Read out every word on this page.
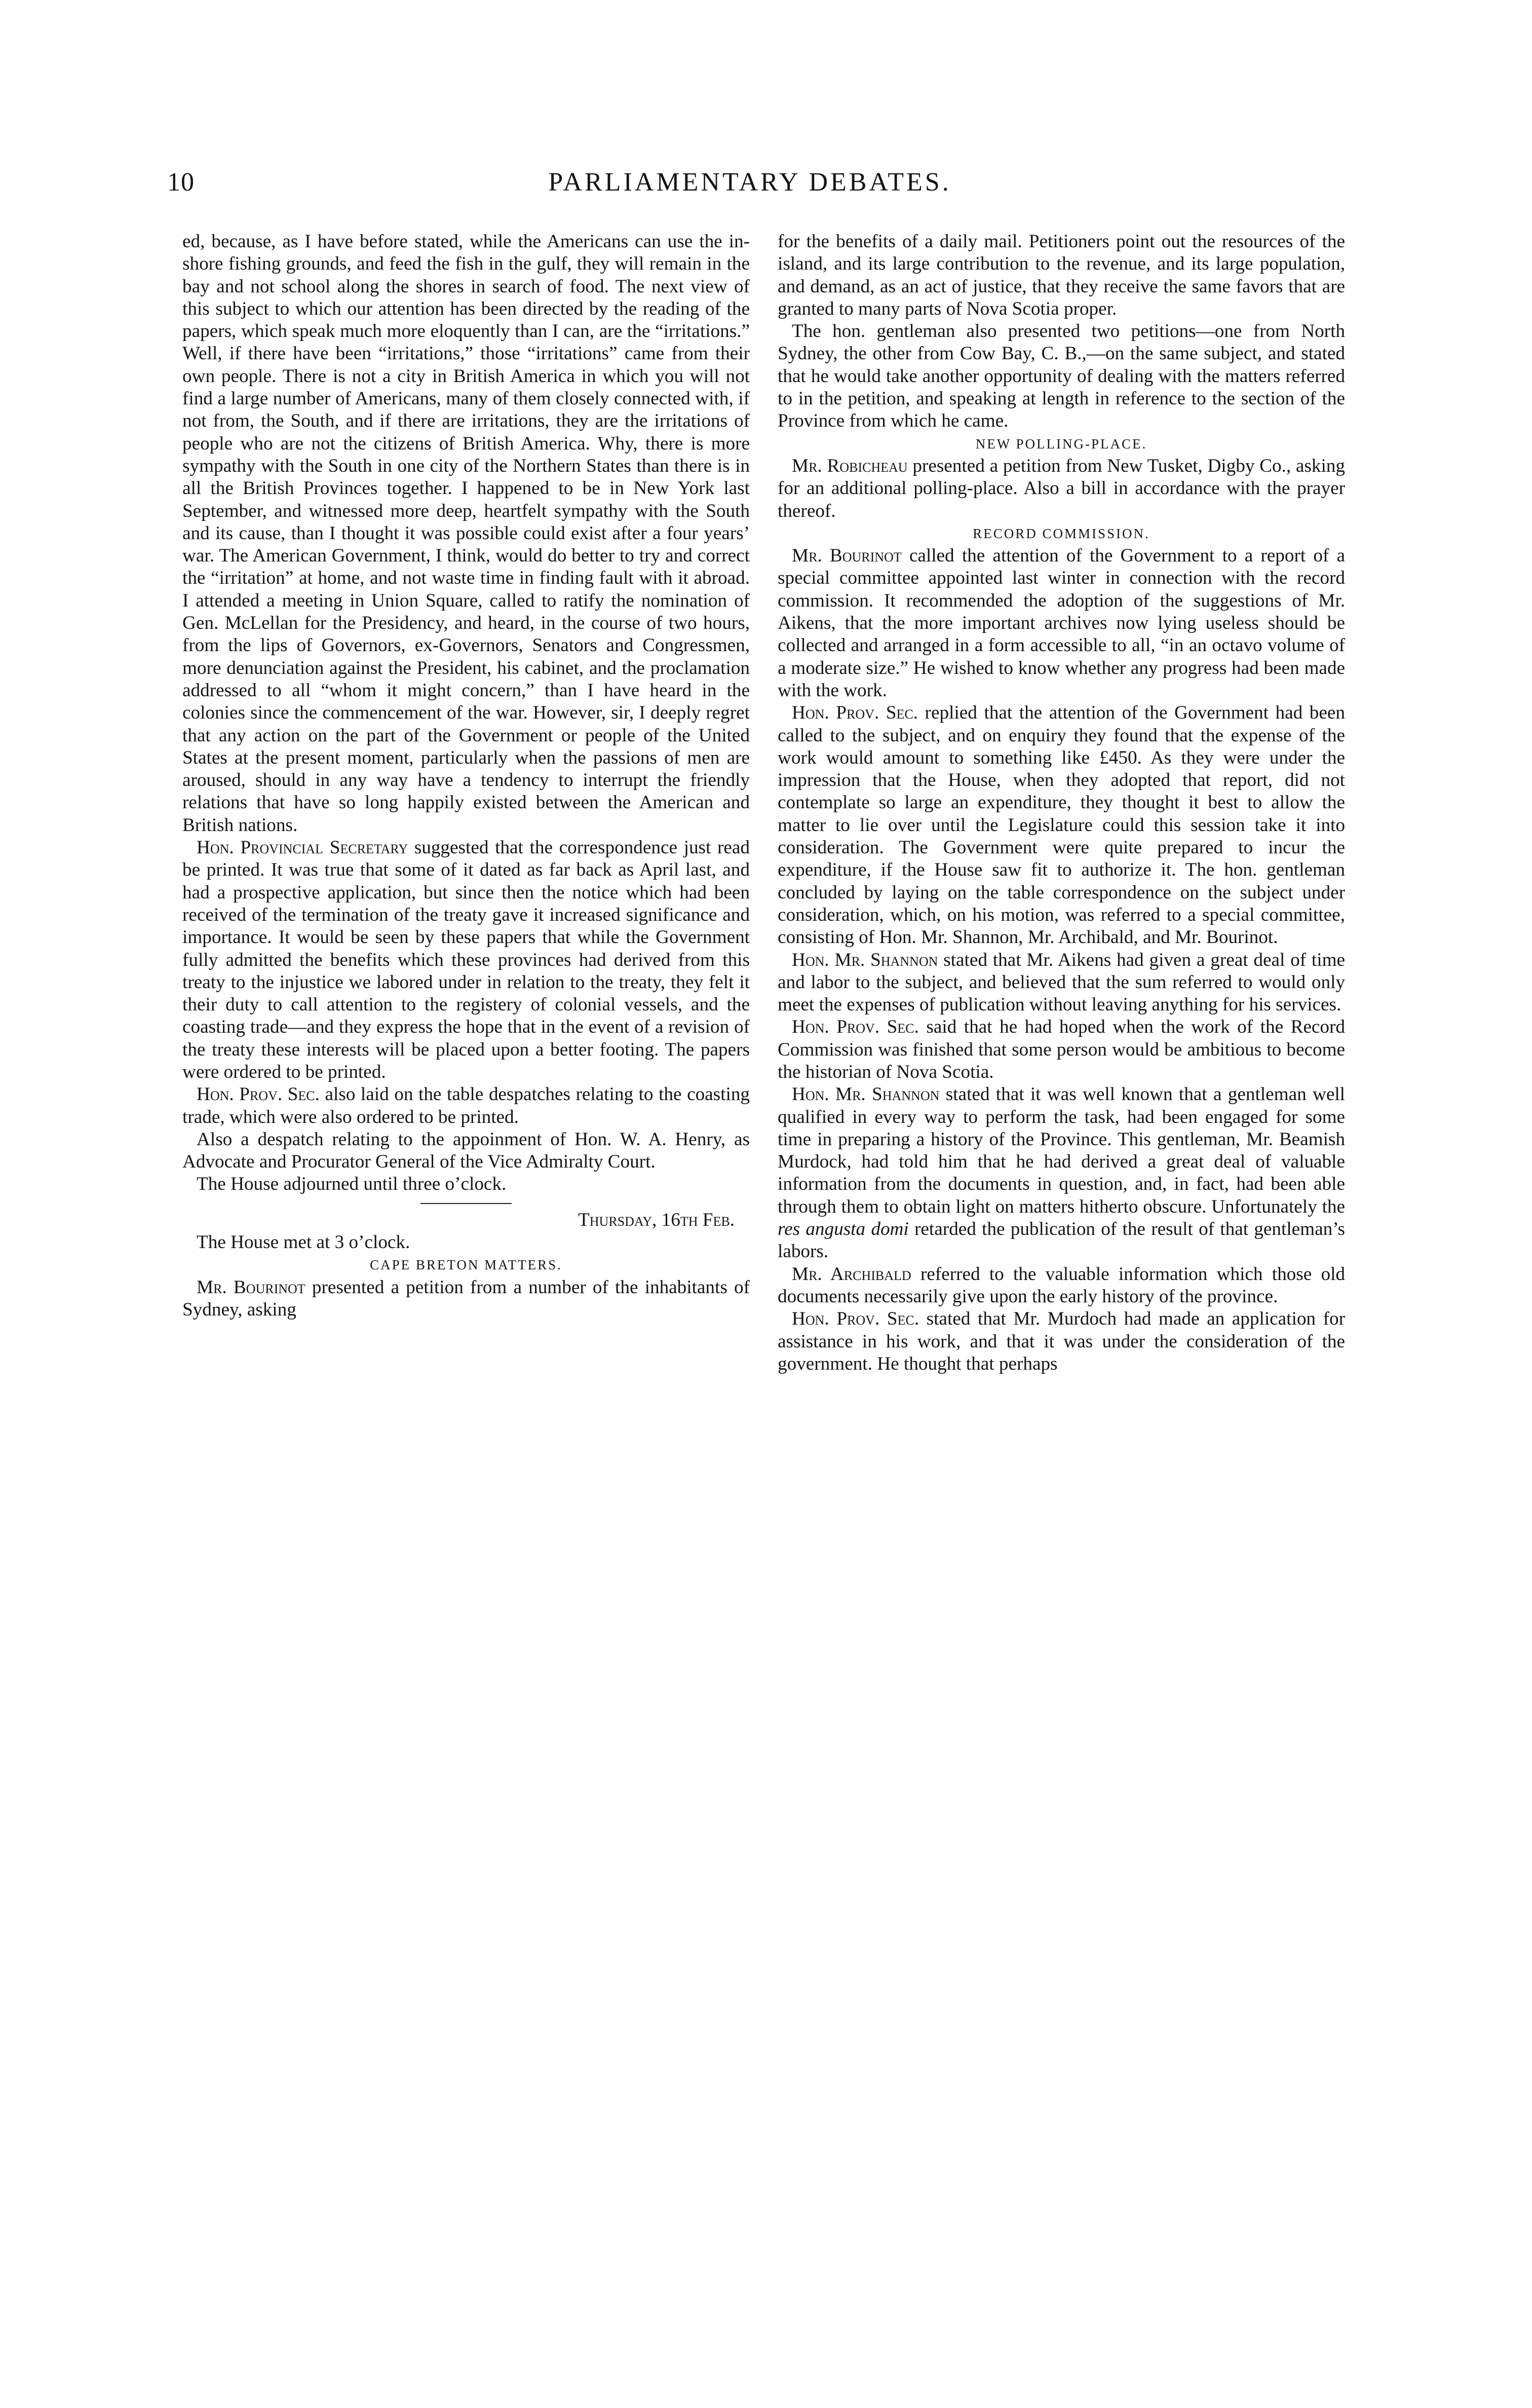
10	PARLIAMENTARY DEBATES.

ed, because, as I have before stated, while the Americans can use the in-shore fishing grounds, and feed the fish in the gulf, they will remain in the bay and not school along the shores in search of food. The next view of this subject to which our attention has been directed by the reading of the papers, which speak much more eloquently than I can, are the “irritations.” Well, if there have been “irritations,” those “irritations” came from their own people. There is not a city in British America in which you will not find a large number of Americans, many of them closely connected with, if not from, the South, and if there are irritations, they are the irritations of people who are not the citizens of British America. Why, there is more sympathy with the South in one city of the Northern States than there is in all the British Provinces together. I happened to be in New York last September, and witnessed more deep, heartfelt sympathy with the South and its cause, than I thought it was possible could exist after a four years’ war. The American Government, I think, would do better to try and correct the “irritation” at home, and not waste time in finding fault with it abroad. I attended a meeting in Union Square, called to ratify the nomination of Gen. McLellan for the Presidency, and heard, in the course of two hours, from the lips of Governors, ex-Governors, Senators and Congressmen, more denunciation against the President, his cabinet, and the proclamation addressed to all “whom it might concern,” than I have heard in the colonies since the commencement of the war. However, sir, I deeply regret that any action on the part of the Government or people of the United States at the present moment, particularly when the passions of men are aroused, should in any way have a tendency to interrupt the friendly relations that have so long happily existed between the American and British nations.

Hon. Provincial Secretary suggested that the correspondence just read be printed. It was true that some of it dated as far back as April last, and had a prospective application, but since then the notice which had been received of the termination of the treaty gave it increased significance and importance. It would be seen by these papers that while the Government fully admitted the benefits which these provinces had derived from this treaty to the injustice we labored under in relation to the treaty, they felt it their duty to call attention to the registery of colonial vessels, and the coasting trade—and they express the hope that in the event of a revision of the treaty these interests will be placed upon a better footing. The papers were ordered to be printed.

Hon. Prov. Sec. also laid on the table despatches relating to the coasting trade, which were also ordered to be printed.

Also a despatch relating to the appoinment of Hon. W. A. Henry, as Advocate and Procurator General of the Vice Admiralty Court.

The House adjourned until three o’clock.

Thursday, 16th Feb.

The House met at 3 o’clock.

CAPE BRETON MATTERS.

Mr. Bourinot presented a petition from a number of the inhabitants of Sydney, asking

for the benefits of a daily mail. Petitioners point out the resources of the island, and its large contribution to the revenue, and its large population, and demand, as an act of justice, that they receive the same favors that are granted to many parts of Nova Scotia proper.

The hon. gentleman also presented two petitions—one from North Sydney, the other from Cow Bay, C. B.,—on the same subject, and stated that he would take another opportunity of dealing with the matters referred to in the petition, and speaking at length in reference to the section of the Province from which he came.

NEW POLLING-PLACE.

Mr. Robicheau presented a petition from New Tusket, Digby Co., asking for an additional polling-place. Also a bill in accordance with the prayer thereof.

RECORD COMMISSION.

Mr. Bourinot called the attention of the Government to a report of a special committee appointed last winter in connection with the record commission. It recommended the adoption of the suggestions of Mr. Aikens, that the more important archives now lying useless should be collected and arranged in a form accessible to all, “in an octavo volume of a moderate size.” He wished to know whether any progress had been made with the work.

Hon. Prov. Sec. replied that the attention of the Government had been called to the subject, and on enquiry they found that the expense of the work would amount to something like £450. As they were under the impression that the House, when they adopted that report, did not contemplate so large an expenditure, they thought it best to allow the matter to lie over until the Legislature could this session take it into consideration. The Government were quite prepared to incur the expenditure, if the House saw fit to authorize it. The hon. gentleman concluded by laying on the table correspondence on the subject under consideration, which, on his motion, was referred to a special committee, consisting of Hon. Mr. Shannon, Mr. Archibald, and Mr. Bourinot.

Hon. Mr. Shannon stated that Mr. Aikens had given a great deal of time and labor to the subject, and believed that the sum referred to would only meet the expenses of publication without leaving anything for his services.

Hon. Prov. Sec. said that he had hoped when the work of the Record Commission was finished that some person would be ambitious to become the historian of Nova Scotia.

Hon. Mr. Shannon stated that it was well known that a gentleman well qualified in every way to perform the task, had been engaged for some time in preparing a history of the Province. This gentleman, Mr. Beamish Murdock, had told him that he had derived a great deal of valuable information from the documents in question, and, in fact, had been able through them to obtain light on matters hitherto obscure. Unfortunately the res angusta domi retarded the publication of the result of that gentleman’s labors.

Mr. Archibald referred to the valuable information which those old documents necessarily give upon the early history of the province.

Hon. Prov. Sec. stated that Mr. Murdoch had made an application for assistance in his work, and that it was under the consideration of the government. He thought that perhaps
